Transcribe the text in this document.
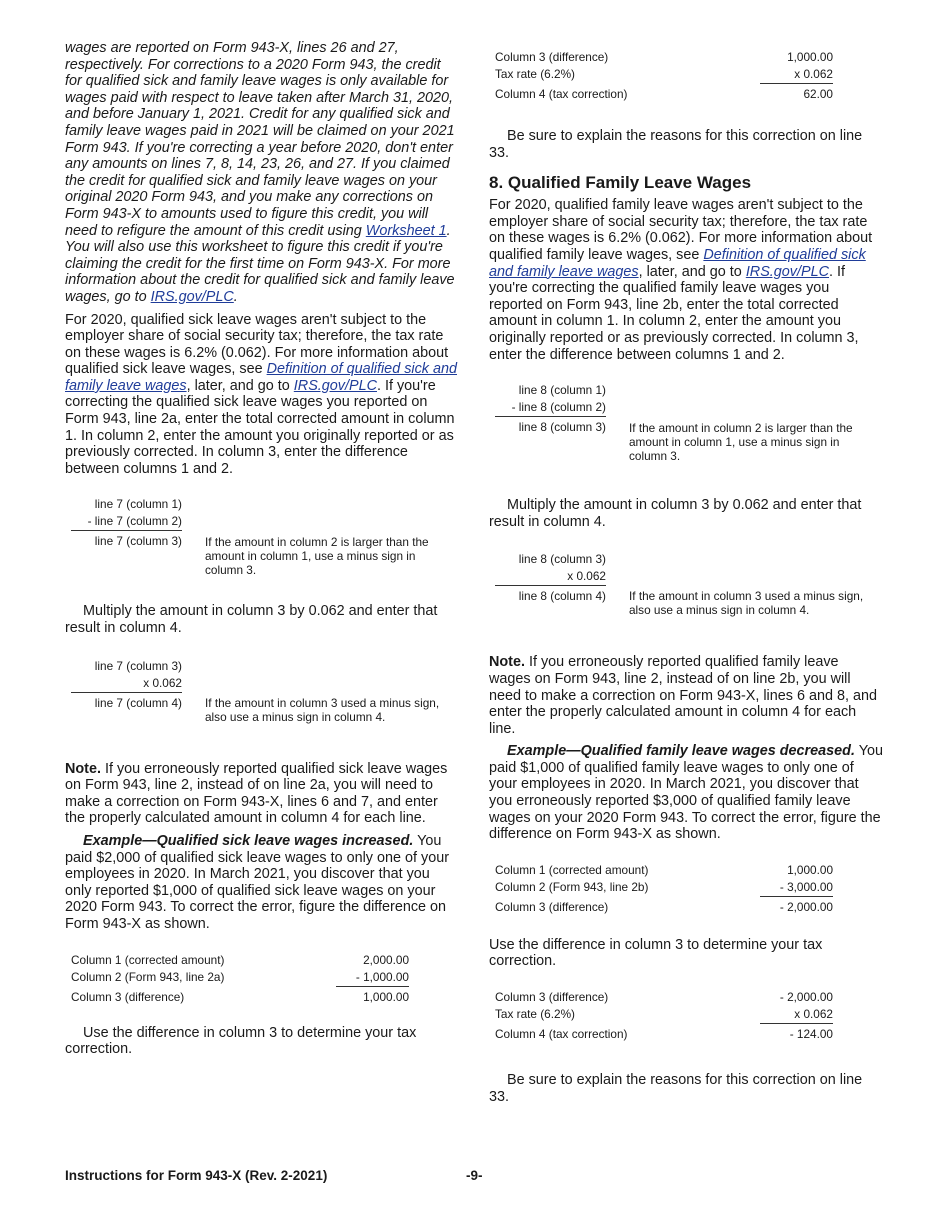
wages are reported on Form 943-X, lines 26 and 27, respectively. For corrections to a 2020 Form 943, the credit for qualified sick and family leave wages is only available for wages paid with respect to leave taken after March 31, 2020, and before January 1, 2021. Credit for any qualified sick and family leave wages paid in 2021 will be claimed on your 2021 Form 943. If you're correcting a year before 2020, don't enter any amounts on lines 7, 8, 14, 23, 26, and 27. If you claimed the credit for qualified sick and family leave wages on your original 2020 Form 943, and you make any corrections on Form 943-X to amounts used to figure this credit, you will need to refigure the amount of this credit using Worksheet 1. You will also use this worksheet to figure this credit if you're claiming the credit for the first time on Form 943-X. For more information about the credit for qualified sick and family leave wages, go to IRS.gov/PLC.

For 2020, qualified sick leave wages aren't subject to the employer share of social security tax; therefore, the tax rate on these wages is 6.2% (0.062). For more information about qualified sick leave wages, see Definition of qualified sick and family leave wages, later, and go to IRS.gov/PLC. If you're correcting the qualified sick leave wages you reported on Form 943, line 2a, enter the total corrected amount in column 1. In column 2, enter the amount you originally reported or as previously corrected. In column 3, enter the difference between columns 1 and 2.

line 7 (column 1)
- line 7 (column 2)
line 7 (column 3) If the amount in column 2 is larger than the amount in column 1, use a minus sign in column 3.

Multiply the amount in column 3 by 0.062 and enter that result in column 4.

line 7 (column 3)
x 0.062
line 7 (column 4) If the amount in column 3 used a minus sign, also use a minus sign in column 4.

Note. If you erroneously reported qualified sick leave wages on Form 943, line 2, instead of on line 2a, you will need to make a correction on Form 943-X, lines 6 and 7, and enter the properly calculated amount in column 4 for each line.

Example—Qualified sick leave wages increased. You paid $2,000 of qualified sick leave wages to only one of your employees in 2020. In March 2021, you discover that you only reported $1,000 of qualified sick leave wages on your 2020 Form 943. To correct the error, figure the difference on Form 943-X as shown.

Column 1 (corrected amount)	2,000.00
Column 2 (Form 943, line 2a)	- 1,000.00
Column 3 (difference)	1,000.00

Use the difference in column 3 to determine your tax correction.

Column 3 (difference)	1,000.00
Tax rate (6.2%)	x 0.062
Column 4 (tax correction)	62.00

Be sure to explain the reasons for this correction on line 33.

8. Qualified Family Leave Wages

For 2020, qualified family leave wages aren't subject to the employer share of social security tax; therefore, the tax rate on these wages is 6.2% (0.062). For more information about qualified family leave wages, see Definition of qualified sick and family leave wages, later, and go to IRS.gov/PLC. If you're correcting the qualified family leave wages you reported on Form 943, line 2b, enter the total corrected amount in column 1. In column 2, enter the amount you originally reported or as previously corrected. In column 3, enter the difference between columns 1 and 2.

line 8 (column 1)
- line 8 (column 2)
line 8 (column 3) If the amount in column 2 is larger than the amount in column 1, use a minus sign in column 3.

Multiply the amount in column 3 by 0.062 and enter that result in column 4.

line 8 (column 3)
x 0.062
line 8 (column 4) If the amount in column 3 used a minus sign, also use a minus sign in column 4.

Note. If you erroneously reported qualified family leave wages on Form 943, line 2, instead of on line 2b, you will need to make a correction on Form 943-X, lines 6 and 8, and enter the properly calculated amount in column 4 for each line.

Example—Qualified family leave wages decreased. You paid $1,000 of qualified family leave wages to only one of your employees in 2020. In March 2021, you discover that you erroneously reported $3,000 of qualified family leave wages on your 2020 Form 943. To correct the error, figure the difference on Form 943-X as shown.

Column 1 (corrected amount)	1,000.00
Column 2 (Form 943, line 2b)	- 3,000.00
Column 3 (difference)	- 2,000.00

Use the difference in column 3 to determine your tax correction.

Column 3 (difference)	- 2,000.00
Tax rate (6.2%)	x 0.062
Column 4 (tax correction)	- 124.00

Be sure to explain the reasons for this correction on line 33.

Instructions for Form 943-X (Rev. 2-2021)	-9-
